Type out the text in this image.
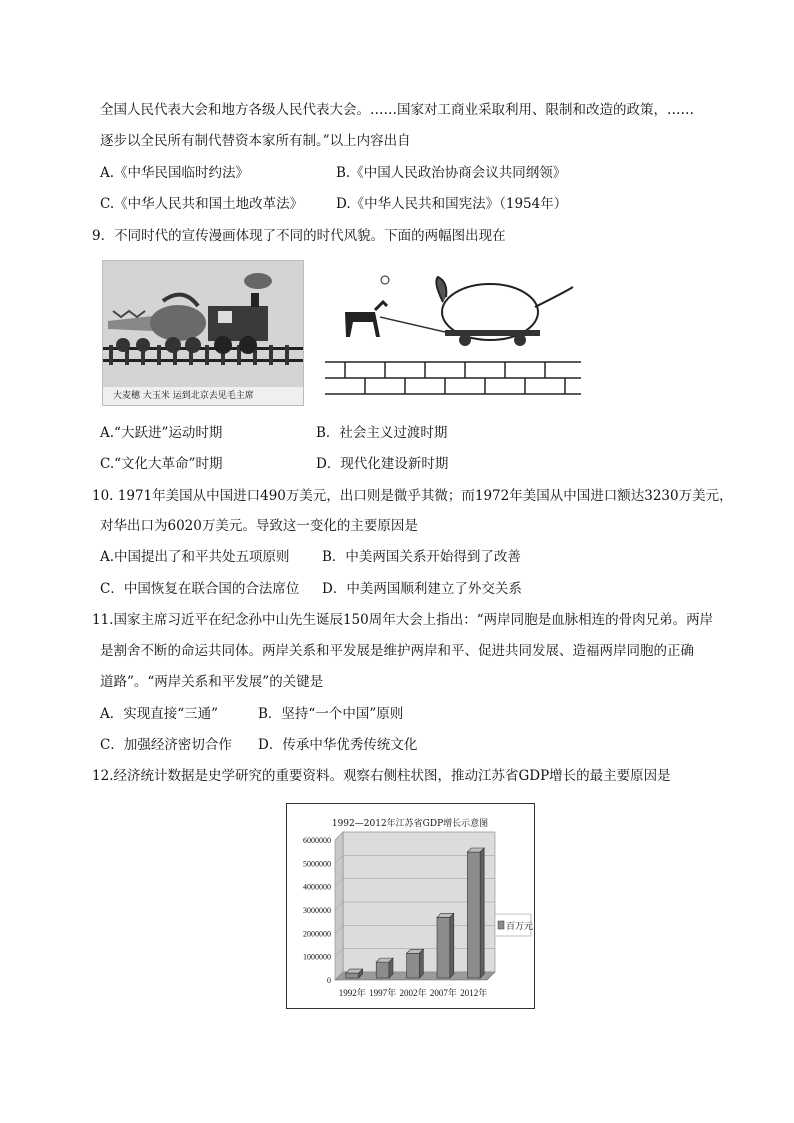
全国人民代表大会和地方各级人民代表大会。……国家对工商业采取利用、限制和改造的政策，……
逐步以全民所有制代替资本家所有制。”以上内容出自
A.《中华民国临时约法》	B.《中国人民政治协商会议共同纲领》
C.《中华人民共和国土地改革法》 D.《中华人民共和国宪法》（1954年）
9．不同时代的宣传漫画体现了不同的时代风貌。下面的两幅图出现在
大麦穗 大玉米 运到北京去见毛主席
A.“大跃进”运动时期	B．社会主义过渡时期
C.“文化大革命”时期	D．现代化建设新时期
10. 1971年美国从中国进口490万美元，出口则是微乎其微；而1972年美国从中国进口额达3230万美元，
对华出口为6020万美元。导致这一变化的主要原因是
A.中国提出了和平共处五项原则 B．中美两国关系开始得到了改善
C．中国恢复在联合国的合法席位 D．中美两国顺利建立了外交关系
11.国家主席习近平在纪念孙中山先生诞辰150周年大会上指出：“两岸同胞是血脉相连的骨肉兄弟。两岸
是割舍不断的命运共同体。两岸关系和平发展是维护两岸和平、促进共同发展、造福两岸同胞的正确
道路”。“两岸关系和平发展”的关键是
A．实现直接“三通”	B．坚持“一个中国”原则
C．加强经济密切合作 D．传承中华优秀传统文化
12.经济统计数据是史学研究的重要资料。观察右侧柱状图，推动江苏省GDP增长的最主要原因是
1992—2012年江苏省GDP增长示意图
0
1000000
2000000
3000000
4000000
5000000
6000000
1992年 1997年 2002年 2007年 2012年
百万元
